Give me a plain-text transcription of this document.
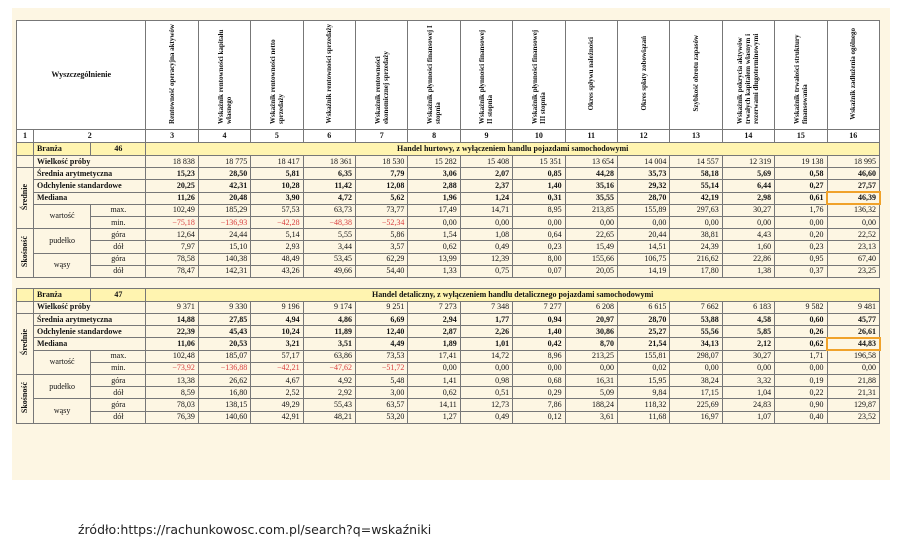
Wyszczególnienie			Rentowność operacyjna aktywów	Wskaźnik rentowności kapitału własnego	Wskaźnik rentowności netto sprzedaży	Wskaźnik rentowności sprzedaży	Wskaźnik rentowności ekonomicznej sprzedaży	Wskaźnik płynności finansowej I stopnia	Wskaźnik płynności finansowej II stopnia	Wskaźnik płynności finansowej III stopnia	Okres spływu należności	Okres spłaty zobowiązań	Szybkość obrotu zapasów	Wskaźnik pokrycia aktywów trwałych kapitałem własnym i rezerwami długoterminowymi	Wskaźnik trwałości struktury finansowania	Wskaźnik zadłużenia ogólnego
1	2		3	4	5	6	7	8	9	10	11	12	13	14	15	16
	Branża	46	Handel hurtowy, z wyłączeniem handlu pojazdami samochodowymi													
	Wielkość próby		18 838	18 775	18 417	18 361	18 530	15 282	15 408	15 351	13 654	14 004	14 557	12 319	19 138	18 995
Średnie	Średnia arytmetyczna		15,23	28,50	5,81	6,35	7,79	3,06	2,07	0,85	44,28	35,73	58,18	5,69	0,58	46,60
	Odchylenie standardowe		20,25	42,31	10,28	11,42	12,08	2,88	2,37	1,40	35,16	29,32	55,14	6,44	0,27	27,57
	Mediana		11,26	20,48	3,90	4,72	5,62	1,96	1,24	0,31	35,55	28,70	42,19	2,98	0,61	46,39
	wartość	max.	102,49	185,29	57,53	63,73	73,77	17,49	14,71	8,95	213,85	155,89	297,63	30,27	1,76	136,32
		min.	−75,18	−136,93	−42,28	−48,38	−52,34	0,00	0,00	0,00	0,00	0,00	0,00	0,00	0,00	0,00
Skośność	pudełko	góra	12,64	24,44	5,14	5,55	5,86	1,54	1,08	0,64	22,65	20,44	38,81	4,43	0,20	22,52
		dół	7,97	15,10	2,93	3,44	3,57	0,62	0,49	0,23	15,49	14,51	24,39	1,60	0,23	23,13
	wąsy	góra	78,58	140,38	48,49	53,45	62,29	13,99	12,39	8,00	155,66	106,75	216,62	22,86	0,95	67,40
		dół	78,47	142,31	43,26	49,66	54,40	1,33	0,75	0,07	20,05	14,19	17,80	1,38	0,37	23,25

	Branża	47	Handel detaliczny, z wyłączeniem handlu detalicznego pojazdami samochodowymi													
	Wielkość próby		9 371	9 330	9 196	9 174	9 251	7 273	7 348	7 277	6 208	6 615	7 662	6 183	9 582	9 481
Średnie	Średnia arytmetyczna		14,88	27,85	4,94	4,86	6,69	2,94	1,77	0,94	20,97	28,70	53,88	4,58	0,60	45,77
	Odchylenie standardowe		22,39	45,43	10,24	11,89	12,40	2,87	2,26	1,40	30,86	25,27	55,56	5,85	0,26	26,61
	Mediana		11,06	20,53	3,21	3,51	4,49	1,89	1,01	0,42	8,70	21,54	34,13	2,12	0,62	44,83
	wartość	max.	102,48	185,07	57,17	63,86	73,53	17,41	14,72	8,96	213,25	155,81	298,07	30,27	1,71	196,58
		min.	−73,92	−136,88	−42,21	−47,62	−51,72	0,00	0,00	0,00	0,00	0,02	0,00	0,00	0,00	0,00
Skośność	pudełko	góra	13,38	26,62	4,67	4,92	5,48	1,41	0,98	0,68	16,31	15,95	38,24	3,32	0,19	21,88
		dół	8,59	16,80	2,52	2,92	3,00	0,62	0,51	0,29	5,09	9,84	17,15	1,04	0,22	21,31
	wąsy	góra	78,03	138,15	49,29	55,43	63,57	14,11	12,73	7,86	188,24	118,32	225,69	24,83	0,90	129,87
		dół	76,39	140,60	42,91	48,21	53,20	1,27	0,49	0,12	3,61	11,68	16,97	1,07	0,40	23,52
źródło:https://rachunkowosc.com.pl/search?q=wskaźniki
